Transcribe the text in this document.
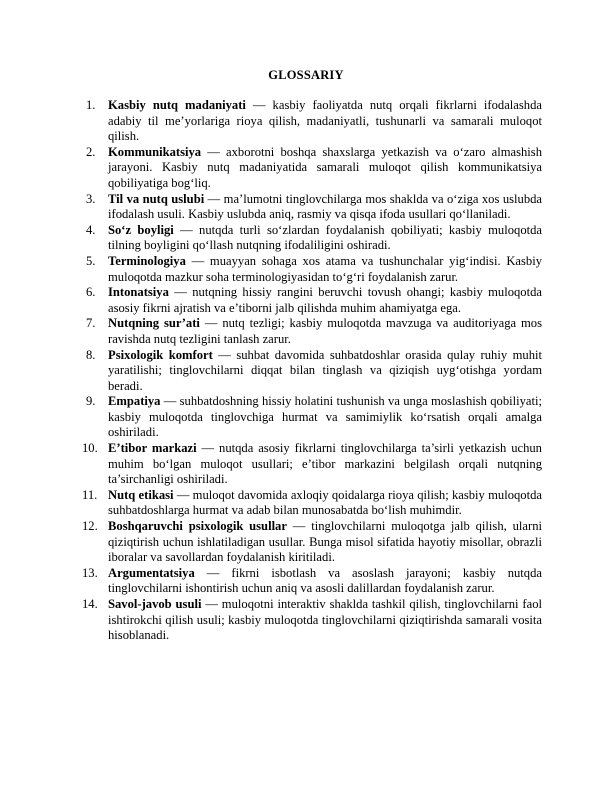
GLOSSARIY
1. Kasbiy nutq madaniyati — kasbiy faoliyatda nutq orqali fikrlarni ifodalashda adabiy til me’yorlariga rioya qilish, madaniyatli, tushunarli va samarali muloqot qilish.
2. Kommunikatsiya — axborotni boshqa shaxslarga yetkazish va o‘zaro almashish jarayoni. Kasbiy nutq madaniyatida samarali muloqot qilish kommunikatsiya qobiliyatiga bog‘liq.
3. Til va nutq uslubi — ma’lumotni tinglovchilarga mos shaklda va o‘ziga xos uslubda ifodalash usuli. Kasbiy uslubda aniq, rasmiy va qisqa ifoda usullari qo‘llaniladi.
4. So‘z boyligi — nutqda turli so‘zlardan foydalanish qobiliyati; kasbiy muloqotda tilning boyligini qo‘llash nutqning ifodaliligini oshiradi.
5. Terminologiya — muayyan sohaga xos atama va tushunchalar yig‘indisi. Kasbiy muloqotda mazkur soha terminologiyasidan to‘g‘ri foydalanish zarur.
6. Intonatsiya — nutqning hissiy rangini beruvchi tovush ohangi; kasbiy muloqotda asosiy fikrni ajratish va e’tiborni jalb qilishda muhim ahamiyatga ega.
7. Nutqning sur’ati — nutq tezligi; kasbiy muloqotda mavzuga va auditoriyaga mos ravishda nutq tezligini tanlash zarur.
8. Psixologik komfort — suhbat davomida suhbatdoshlar orasida qulay ruhiy muhit yaratilishi; tinglovchilarni diqqat bilan tinglash va qiziqish uyg‘otishga yordam beradi.
9. Empatiya — suhbatdoshning hissiy holatini tushunish va unga moslashish qobiliyati; kasbiy muloqotda tinglovchiga hurmat va samimiylik ko‘rsatish orqali amalga oshiriladi.
10. E’tibor markazi — nutqda asosiy fikrlarni tinglovchilarga ta’sirli yetkazish uchun muhim bo‘lgan muloqot usullari; e’tibor markazini belgilash orqali nutqning ta’sirchanligi oshiriladi.
11. Nutq etikasi — muloqot davomida axloqiy qoidalarga rioya qilish; kasbiy muloqotda suhbatdoshlarga hurmat va adab bilan munosabatda bo‘lish muhimdir.
12. Boshqaruvchi psixologik usullar — tinglovchilarni muloqotga jalb qilish, ularni qiziqtirish uchun ishlatiladigan usullar. Bunga misol sifatida hayotiy misollar, obrazli iboralar va savollardan foydalanish kiritiladi.
13. Argumentatsiya — fikrni isbotlash va asoslash jarayoni; kasbiy nutqda tinglovchilarni ishontirish uchun aniq va asosli dalillardan foydalanish zarur.
14. Savol-javob usuli — muloqotni interaktiv shaklda tashkil qilish, tinglovchilarni faol ishtirokchi qilish usuli; kasbiy muloqotda tinglovchilarni qiziqtirishda samarali vosita hisoblanadi.
